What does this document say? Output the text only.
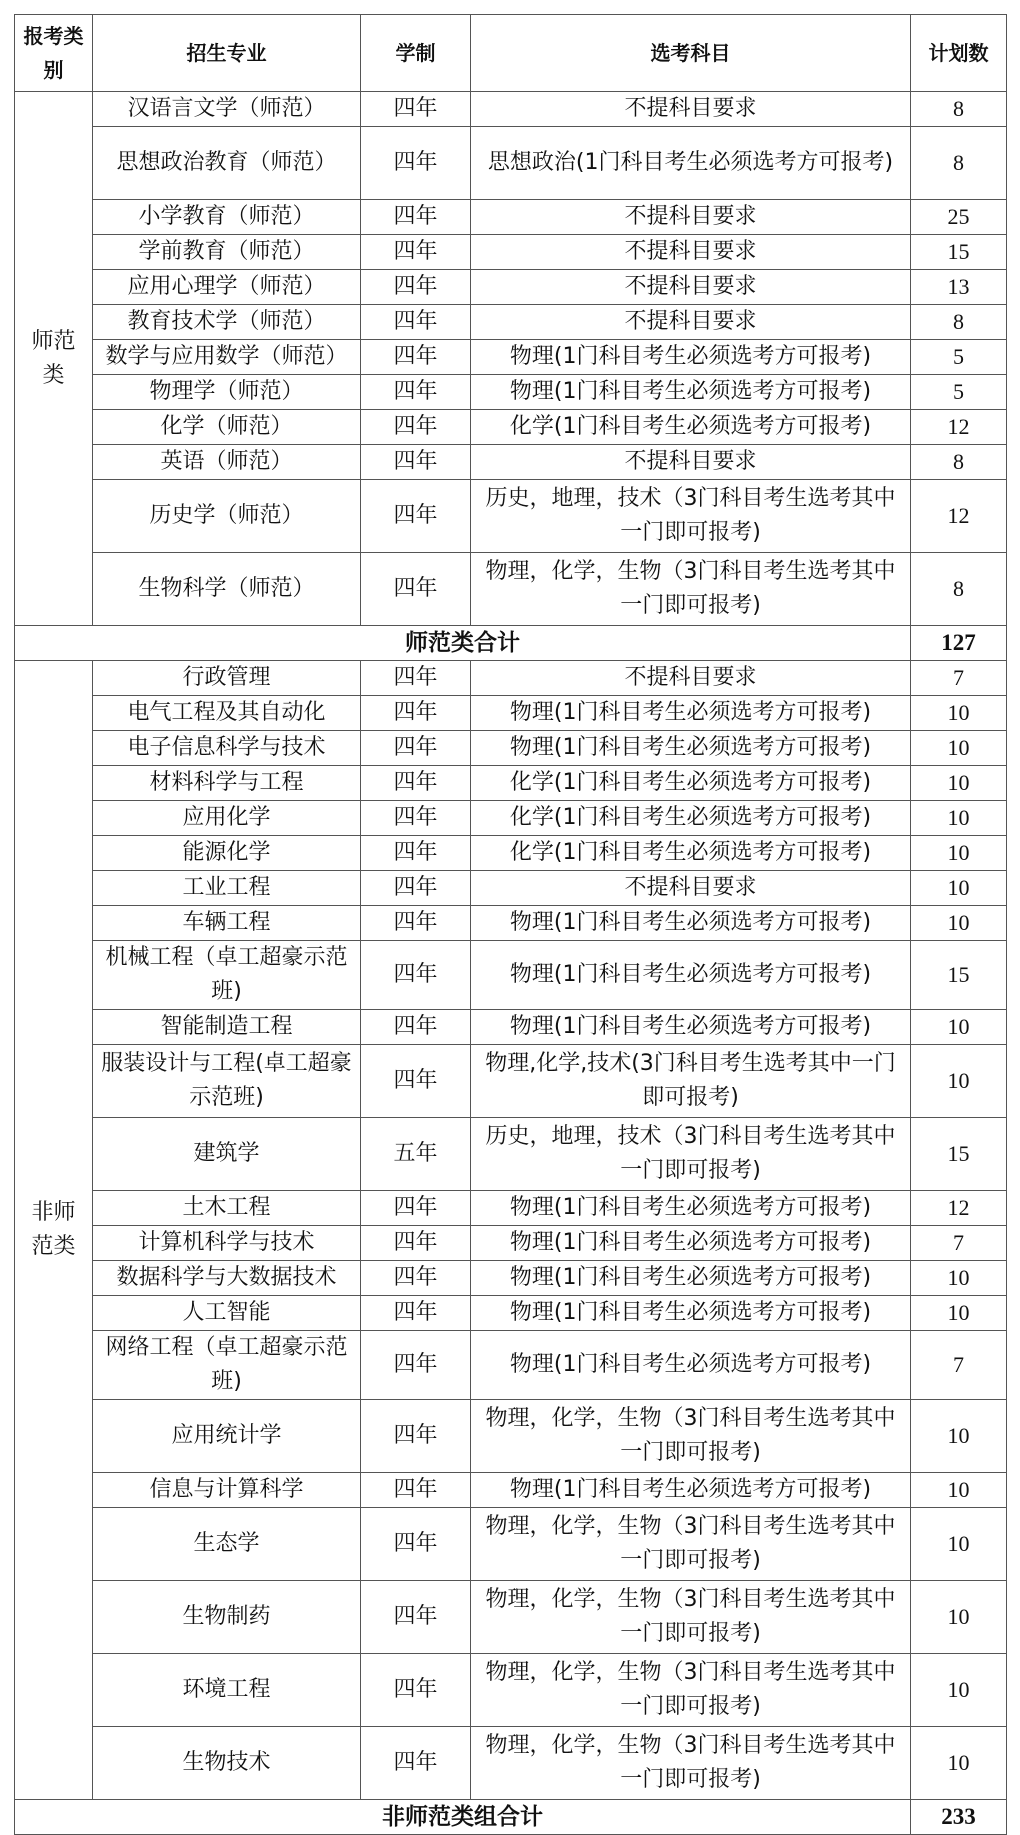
报考类别	招生专业	学制	选考科目	计划数
师范类	汉语言文学（师范）	四年	不提科目要求	8
	思想政治教育（师范）	四年	思想政治(1门科目考生必须选考方可报考)	8
	小学教育（师范）	四年	不提科目要求	25
	学前教育（师范）	四年	不提科目要求	15
	应用心理学（师范）	四年	不提科目要求	13
	教育技术学（师范）	四年	不提科目要求	8
	数学与应用数学（师范）	四年	物理(1门科目考生必须选考方可报考)	5
	物理学（师范）	四年	物理(1门科目考生必须选考方可报考)	5
	化学（师范）	四年	化学(1门科目考生必须选考方可报考)	12
	英语（师范）	四年	不提科目要求	8
	历史学（师范）	四年	历史，地理，技术（3门科目考生选考其中一门即可报考)	12
	生物科学（师范）	四年	物理，化学，生物（3门科目考生选考其中一门即可报考)	8
师范类合计				127
非师范类	行政管理	四年	不提科目要求	7
	电气工程及其自动化	四年	物理(1门科目考生必须选考方可报考)	10
	电子信息科学与技术	四年	物理(1门科目考生必须选考方可报考)	10
	材料科学与工程	四年	化学(1门科目考生必须选考方可报考)	10
	应用化学	四年	化学(1门科目考生必须选考方可报考)	10
	能源化学	四年	化学(1门科目考生必须选考方可报考)	10
	工业工程	四年	不提科目要求	10
	车辆工程	四年	物理(1门科目考生必须选考方可报考)	10
	机械工程（卓工超豪示范班)	四年	物理(1门科目考生必须选考方可报考)	15
	智能制造工程	四年	物理(1门科目考生必须选考方可报考)	10
	服装设计与工程(卓工超豪示范班)	四年	物理,化学,技术(3门科目考生选考其中一门即可报考)	10
	建筑学	五年	历史，地理，技术（3门科目考生选考其中一门即可报考)	15
	土木工程	四年	物理(1门科目考生必须选考方可报考)	12
	计算机科学与技术	四年	物理(1门科目考生必须选考方可报考)	7
	数据科学与大数据技术	四年	物理(1门科目考生必须选考方可报考)	10
	人工智能	四年	物理(1门科目考生必须选考方可报考)	10
	网络工程（卓工超豪示范班)	四年	物理(1门科目考生必须选考方可报考)	7
	应用统计学	四年	物理，化学，生物（3门科目考生选考其中一门即可报考)	10
	信息与计算科学	四年	物理(1门科目考生必须选考方可报考)	10
	生态学	四年	物理，化学，生物（3门科目考生选考其中一门即可报考)	10
	生物制药	四年	物理，化学，生物（3门科目考生选考其中一门即可报考)	10
	环境工程	四年	物理，化学，生物（3门科目考生选考其中一门即可报考)	10
	生物技术	四年	物理，化学，生物（3门科目考生选考其中一门即可报考)	10
非师范类组合计				233
